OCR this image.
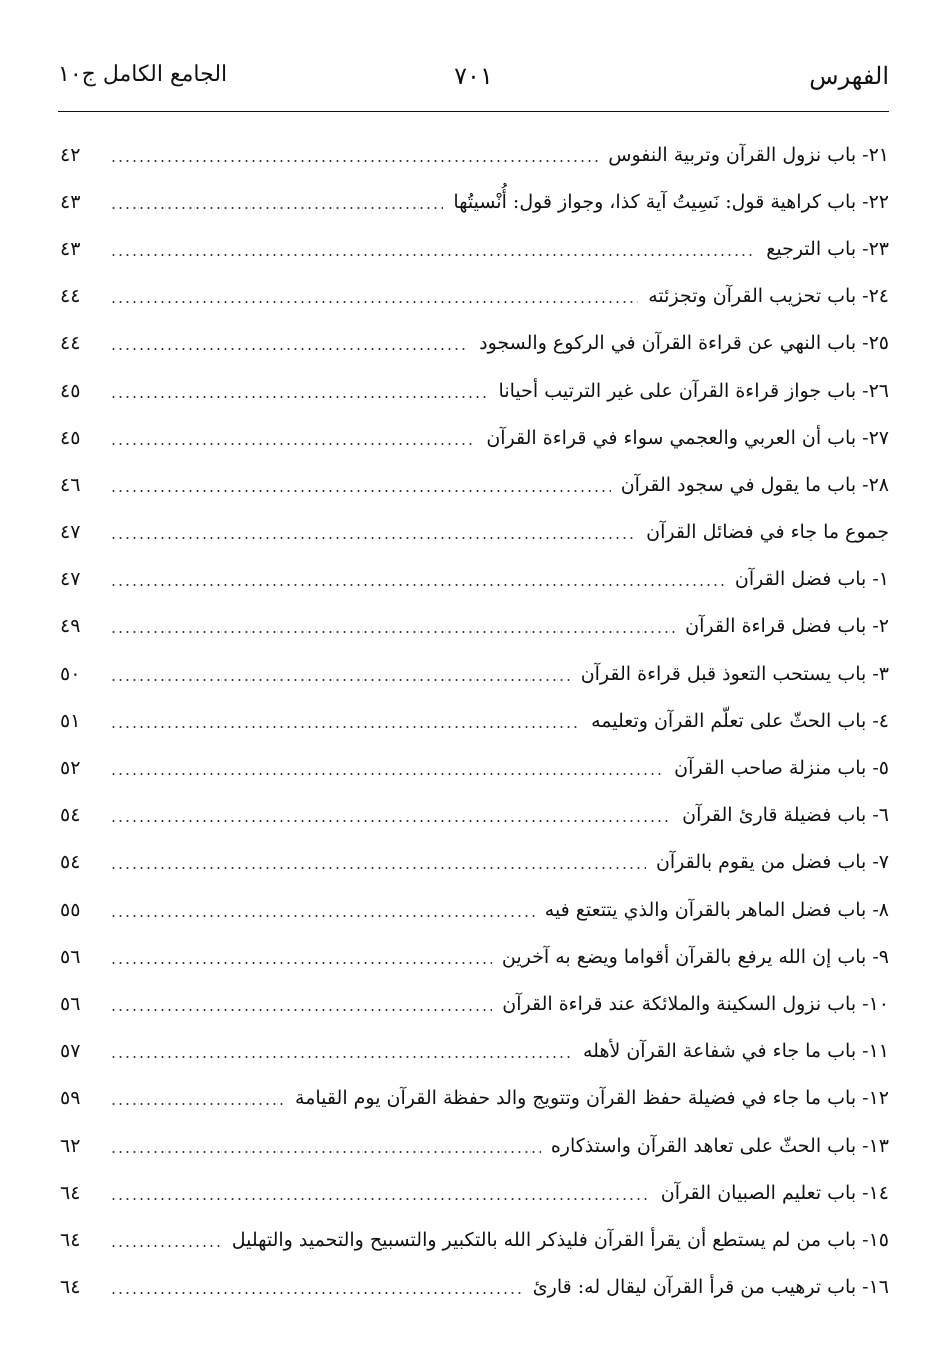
الفهرس
٧٠١
الجامع الكامل ج١٠
٢١- باب نزول القرآن وتربية النفوس
٤٢
٢٢- باب كراهية قول: نَسِيتُ آية كذا، وجواز قول: أُنْسيتُها
٤٣
٢٣- باب الترجيع
٤٣
٢٤- باب تحزيب القرآن وتجزئته
٤٤
٢٥- باب النهي عن قراءة القرآن في الركوع والسجود
٤٤
٢٦- باب جواز قراءة القرآن على غير الترتيب أحيانا
٤٥
٢٧- باب أن العربي والعجمي سواء في قراءة القرآن
٤٥
٢٨- باب ما يقول في سجود القرآن
٤٦
جموع ما جاء في فضائل القرآن
٤٧
١- باب فضل القرآن
٤٧
٢- باب فضل قراءة القرآن
٤٩
٣- باب يستحب التعوذ قبل قراءة القرآن
٥٠
٤- باب الحثّ على تعلّم القرآن وتعليمه
٥١
٥- باب منزلة صاحب القرآن
٥٢
٦- باب فضيلة قارئ القرآن
٥٤
٧- باب فضل من يقوم بالقرآن
٥٤
٨- باب فضل الماهر بالقرآن والذي يتتعتع فيه
٥٥
٩- باب إن الله يرفع بالقرآن أقواما ويضع به آخرين
٥٦
١٠- باب نزول السكينة والملائكة عند قراءة القرآن
٥٦
١١- باب ما جاء في شفاعة القرآن لأهله
٥٧
١٢- باب ما جاء في فضيلة حفظ القرآن وتتويج والد حفظة القرآن يوم القيامة
٥٩
١٣- باب الحثّ على تعاهد القرآن واستذكاره
٦٢
١٤- باب تعليم الصبيان القرآن
٦٤
١٥- باب من لم يستطع أن يقرأ القرآن فليذكر الله بالتكبير والتسبيح والتحميد والتهليل
٦٤
١٦- باب ترهيب من قرأ القرآن ليقال له: قارئ
٦٤
